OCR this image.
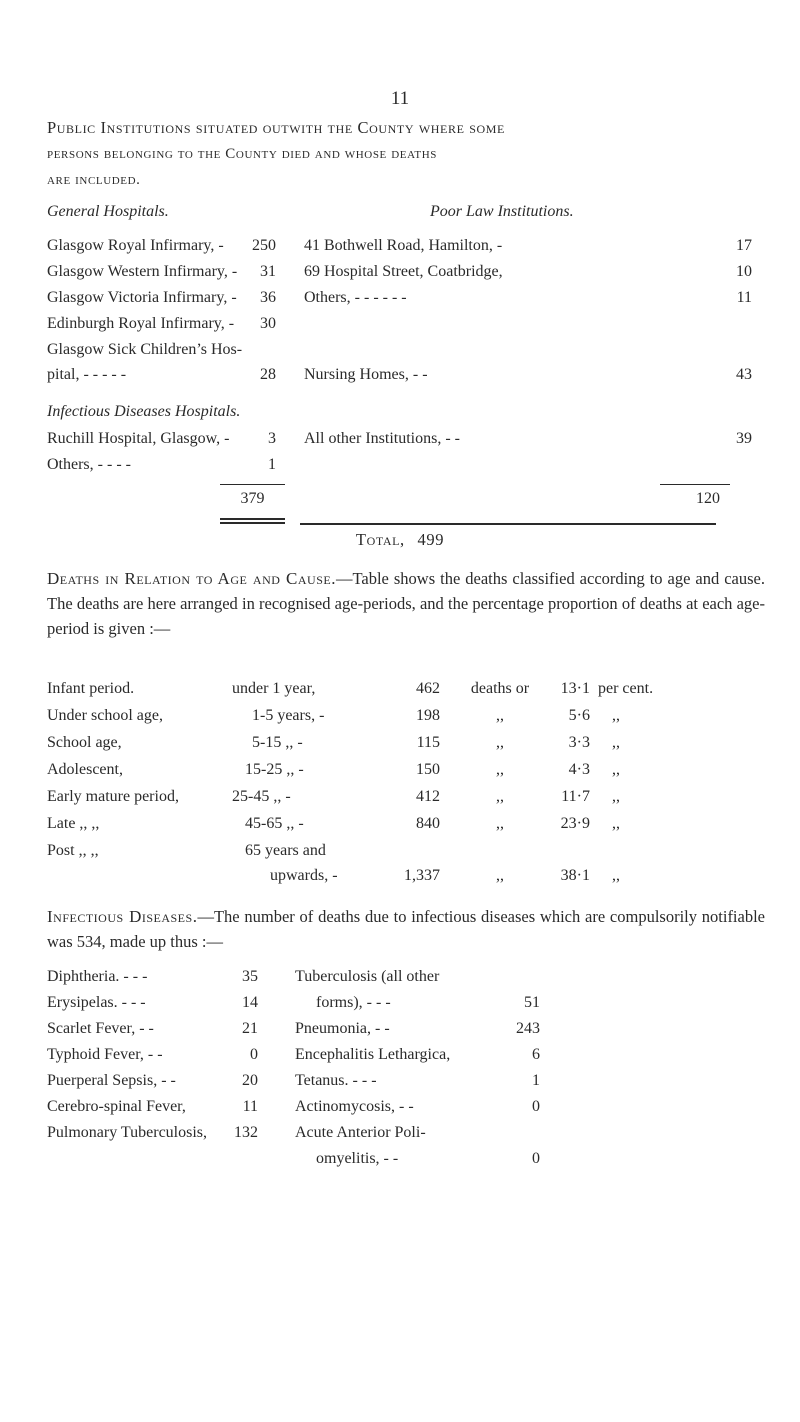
11
Public Institutions situated outwith the County where some
persons belonging to the County died and whose deaths
are included.
General Hospitals.
Glasgow Royal Infirmary, -	250
Glasgow Western Infirmary, -	31
Glasgow Victoria Infirmary, -	36
Edinburgh Royal Infirmary, -	30
Glasgow Sick Children’s Hos-
pital, - - - - -	28
Infectious Diseases Hospitals.
Ruchill Hospital, Glasgow, -	3
Others, - - - -	1
379
Poor Law Institutions.
41 Bothwell Road, Hamilton, -	17
69 Hospital Street, Coatbridge,	10
Others, - - - - - -	11
Nursing Homes, - -	43
All other Institutions, - -	39
120
Total, 499
Deaths in Relation to Age and Cause.—Table shows the deaths classified according to age and cause. The deaths are here arranged in recognised age-periods, and the percentage proportion of deaths at each age-period is given :—
Infant period.	under 1 year,	462	deaths or	13·1 per cent.
Under school age,	1-5 years, -	198	,,	5·6 ,,
School age,	5-15 ,, -	115	,,	3·3 ,,
Adolescent,	15-25 ,, -	150	,,	4·3 ,,
Early mature period,	25-45 ,, -	412	,,	11·7 ,,
Late ,, ,,	45-65 ,, -	840	,,	23·9 ,,
Post ,, ,,	65 years and
upwards, -	1,337	,,	38·1 ,,
Infectious Diseases.—The number of deaths due to infectious diseases which are compulsorily notifiable was 534, made up thus :—
Diphtheria. - - -	35
Erysipelas. - - -	14
Scarlet Fever, - -	21
Typhoid Fever, - -	0
Puerperal Sepsis, - -	20
Cerebro-spinal Fever,	11
Pulmonary Tuberculosis,	132
Tuberculosis (all other
forms), - - -	51
Pneumonia, - -	243
Encephalitis Lethargica,	6
Tetanus. - - -	1
Actinomycosis, - -	0
Acute Anterior Poli-
omyelitis, - -	0
